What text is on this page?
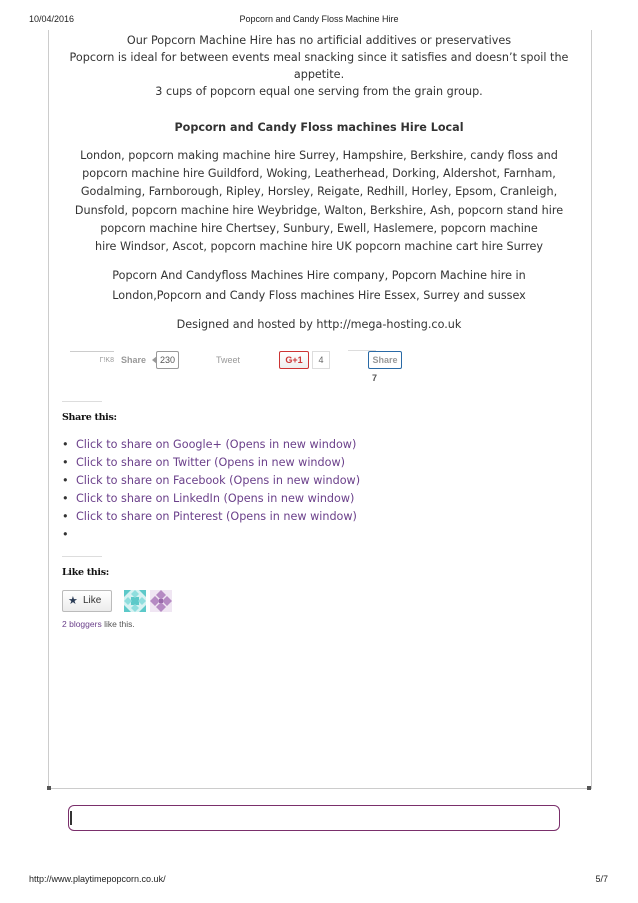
10/04/2016	Popcorn and Candy Floss Machine Hire

Our Popcorn Machine Hire has no artificial additives or preservatives

Popcorn is ideal for between events meal snacking since it satisfies and doesn’t spoil the

appetite.

3 cups of popcorn equal one serving from the grain group.

Popcorn and Candy Floss machines Hire Local

London, popcorn making machine hire Surrey, Hampshire, Berkshire, candy floss and

popcorn machine hire Guildford, Woking, Leatherhead, Dorking, Aldershot, Farnham,

Godalming, Farnborough, Ripley, Horsley, Reigate, Redhill, Horley, Epsom, Cranleigh,

Dunsfold, popcorn machine hire Weybridge, Walton, Berkshire, Ash, popcorn stand hire

popcorn machine hire Chertsey, Sunbury, Ewell, Haslemere, popcorn machine

hire Windsor, Ascot, popcorn machine hire UK popcorn machine cart hire Surrey

Popcorn And Candyfloss Machines Hire company, Popcorn Machine hire in

London,Popcorn and Candy Floss machines Hire Essex, Surrey and sussex

Designed and hosted by http://mega-hosting.co.uk
Γ!Κ8 Share	230	Tweet	G+1	4	Share
7
Share this:
• Click to share on Google+ (Opens in new window)
• Click to share on Twitter (Opens in new window)
• Click to share on Facebook (Opens in new window)
• Click to share on LinkedIn (Opens in new window)
• Click to share on Pinterest (Opens in new window)
•
Like this:
★ Like
2 bloggers like this.
http://www.playtimepopcorn.co.uk/	5/7
